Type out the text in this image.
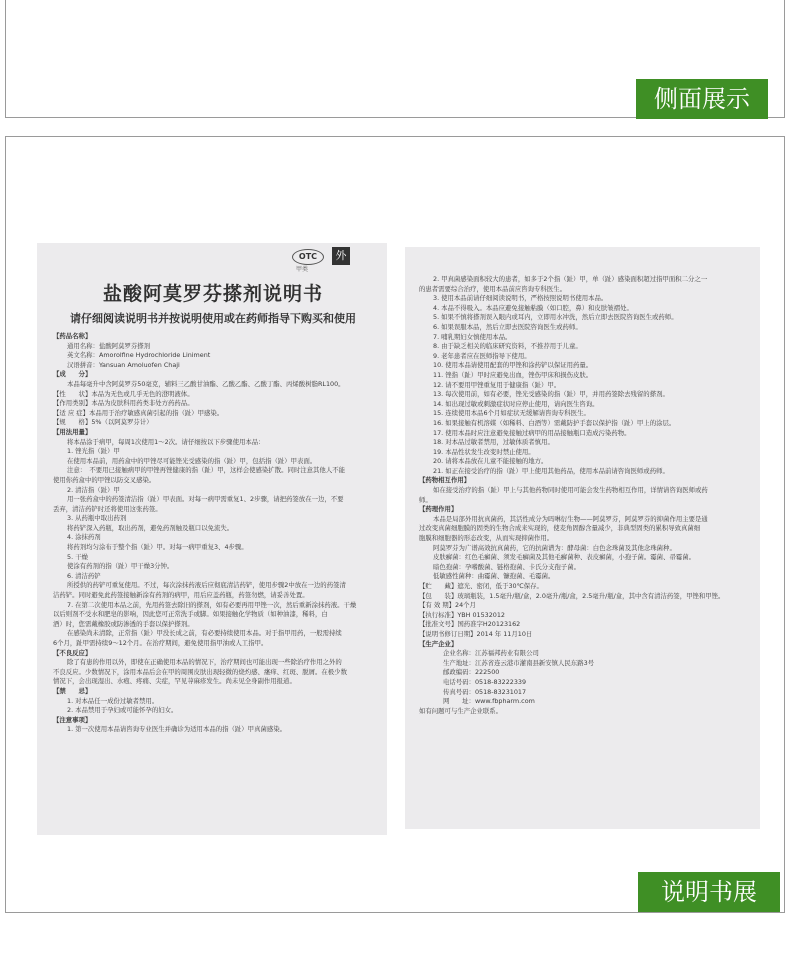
侧面展示
OTC
甲类
外
盐酸阿莫罗芬搽剂说明书
请仔细阅读说明书并按说明使用或在药师指导下购买和使用
【药品名称】
通用名称：盐酸阿莫罗芬搽剂
英文名称：Amorolfine Hydrochloride Liniment
汉语拼音：Yansuan Amoluofen Chaji
【成　　分】
本品每毫升中含阿莫罗芬50毫克，辅料三乙酸甘油酯、乙酸乙酯、乙酸丁酯、丙烯酸树脂RL100。
【性　　状】本品为无色或几乎无色的澄明液体。
【作用类别】本品为皮肤科用药类非处方药药品。
【适 应 症】本品用于治疗敏感真菌引起的指（趾）甲感染。
【规　　格】5%（以阿莫罗芬计）
【用法用量】
将本品涂于病甲，每周1次使用1～2次。请仔细按以下步骤使用本品：
1. 锉光指（趾）甲
在使用本品前，用药盒中的甲锉尽可能锉光受感染的指（趾）甲，包括指（趾）甲表面。
注意：　不要用已接触病甲的甲锉再锉健康的指（趾）甲，这样会使感染扩散。同时注意其他人不能
使用你药盒中的甲锉以防交叉感染。
2. 清洁指（趾）甲
用一张药盒中的药签清洁指（趾）甲表面。对每一病甲需重复1、2步骤，请把药签放在一边，不要
丢弃，清洁药铲时还将使用这张药签。
3. 从药瓶中取出药剂
将药铲深入药瓶，取出药剂，避免药剂触及瓶口以免流失。
4. 涂抹药剂
将药剂均匀涂布于整个指（趾）甲。对每一病甲重复3、4步骤。
5. 干燥
使涂有药剂的指（趾）甲干燥3分钟。
6. 清洁药铲
所授供的药铲可重复使用。不过，每次涂抹药液后应彻底清洁药铲，使用步骤2中放在一边的药签清
洁药铲。同时避免此药签接触新涂有药剂的病甲，用后应盖药瓶，药签勿燃，请妥善处置。
7. 在第二次使用本品之前，先用药签去除旧的搽剂，如有必要再用甲锉一次，然后重新涂抹药液。干燥
以后则剂不受水和肥皂的影响，因此您可正常洗手或脚。如果接触化学物质（如种油漆，稀料，白
酒）时，您需戴橡胶或防渗透的手套以保护搽剂。
在感染尚未清除，正常指（趾）甲没长成之前，有必要持续使用本品。对于指甲用药，一般需持续
6个月，趾甲需持续9～12个月。在治疗期间，避免使用指甲油或人工指甲。
【不良反应】
除了有患的作用以外，即使在正确使用本品的情况下，治疗期间也可能出现一些除治疗作用之外的
不良反应。少数情况下，涂用本品后会在甲的周围皮肤出现轻微的烧灼感、瘙痒、红斑、脱屑。在极少数
情况下，会出现湿出、水疱、疼痛、尖症，罕见荨麻疹发生。尚未见全身副作用报道。
【禁　　忌】
1. 对本品任一成份过敏者禁用。
2. 本品禁用于孕妇或可能怀孕的妇女。
【注意事项】
1. 第一次使用本品请咨询专业医生并确诊为适用本品的指（趾）甲真菌感染。
2. 甲真菌感染面积较大的患者，如多于2个指（趾）甲，单（趾）感染面积超过指甲面积二分之一
的患者需要综合治疗，使用本品前应咨询专科医生。
3. 使用本品前请仔细阅读说明书，严格按照说明书使用本品。
4. 本品不得吸入。本品应避免接触粘膜（如口腔，鼻）和皮肤皱褶处。
5. 如果不慎将搽剂误入眼内或耳内，立即用水冲洗，然后立即去医院咨询医生或药师。
6. 如果误服本品，然后立即去医院咨询医生或药师。
7. 哺乳期妇女慎使用本品。
8. 由于缺乏相关的临床研究资料，不推荐用于儿童。
9. 老年患者应在医师指导下使用。
10. 使用本品请使用配套的甲锉和涂药铲以保证用药量。
11. 锉指（趾）甲时应避免出血，锉伤甲床和损伤皮肤。
12. 请不要用甲锉重复用于健康指（趾）甲。
13. 每次使用前，如有必要，锉光受感染的指（趾）甲，并用药签除去残留的搽剂。
14. 如出现过敏或刺激症状时应停止使用，请向医生咨询。
15. 连续使用本品6个月如症状无缓解请咨询专科医生。
16. 如果接触有机溶媒（如稀料、白酒等）需戴防护手套以保护指（趾）甲上的涂层。
17. 使用本品时应注意避免接触过病甲的用品接触瓶口造成污染药物。
18. 对本品过敏者禁用，过敏体质者慎用。
19. 本品性状发生改变时禁止使用。
20. 请将本品放在儿童不能接触的地方。
21. 如正在接受治疗的指（趾）甲上使用其他药品，使用本品前请咨询医师或药师。
【药物相互作用】
如在接受治疗的指（趾）甲上与其他药物同时使用可能会发生药物相互作用，详情请咨询医师或药
师。
【药理作用】
本品是局部外用抗真菌药，其活性成分为吗啉衍生物——阿莫罗芬，阿莫罗芬的抑菌作用主要是通
过改变真菌细胞膜的固类的生物合成来实现的，使麦角固醇含量减少，非典型固类的累积导致真菌细
胞膜和细胞器的形态改变，从而实现抑菌作用。
阿莫罗芬为广谱高效抗真菌药，它的抗菌谱为：酵母菌：白色念珠菌及其他念珠菌种。
皮肤癣菌：红色毛癣菌、须发毛癣菌及其他毛癣菌种、表皮癣菌，小孢子菌。霉菌、帚霉菌。
暗色孢菌：孕嗜酸菌、链格孢菌、卡氏分支孢子菌。
低敏感性菌种：曲霉菌、镰孢菌、毛霉菌。
【贮　　藏】遮光、密闭，低于30℃保存。
【包　　装】玻璃瓶装，1.5毫升/瓶/盒，2.0毫升/瓶/盒，2.5毫升/瓶/盒，其中含有清洁药签，甲锉和甲锉。
【有 效 期】24个月
【执行标准】YBH 01532012
【批准文号】国药准字H20123162
【说明书修订日期】2014 年 11月10日
【生产企业】
企业名称：江苏福邦药业有限公司
生产地址：江苏省连云港市灌南县新安镇人民东路3号
邮政编码：222500
电话号码：0518-83222339
传真号码：0518-83231017
网　　址：www.fbpharm.com
如有问题可与生产企业联系。
说明书展示
